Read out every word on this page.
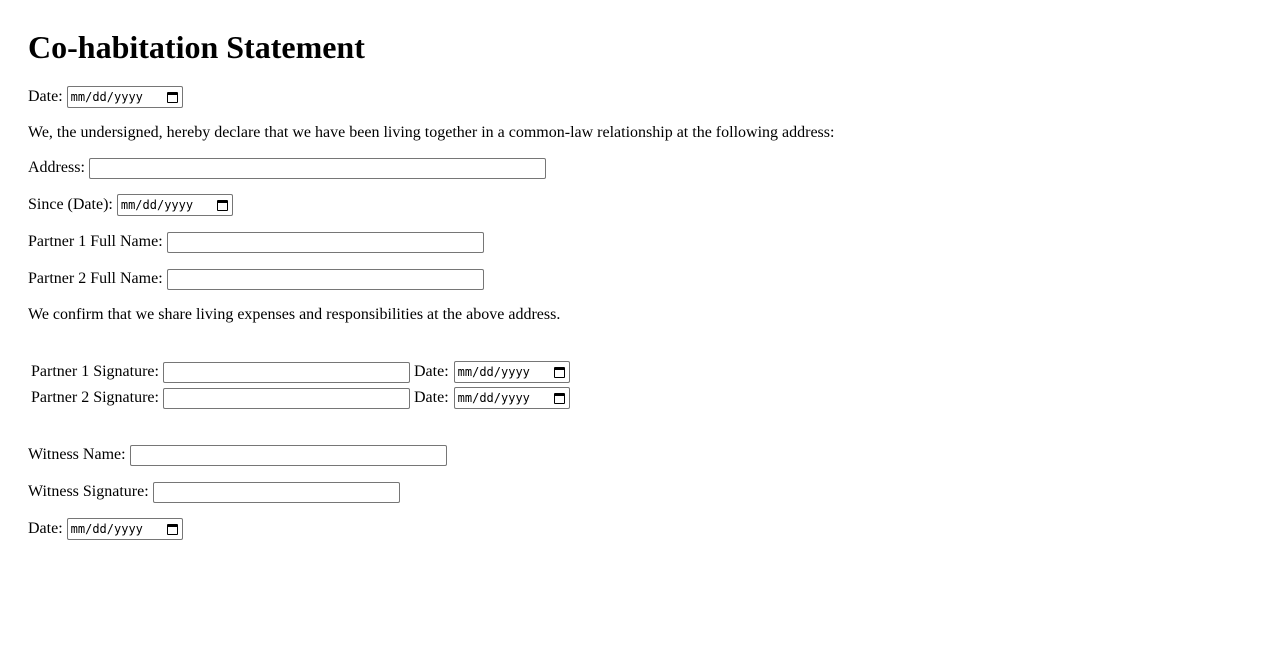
Co-habitation Statement
Date: mm/dd/yyyy

We, the undersigned, hereby declare that we have been living together in a common-law relationship at the following address:

Address:
Since (Date): mm/dd/yyyy
Partner 1 Full Name:
Partner 2 Full Name:

We confirm that we share living expenses and responsibilities at the above address.

Partner 1 Signature:	Date: mm/dd/yyyy
Partner 2 Signature:	Date: mm/dd/yyyy
Witness Name:
Witness Signature:
Date: mm/dd/yyyy
